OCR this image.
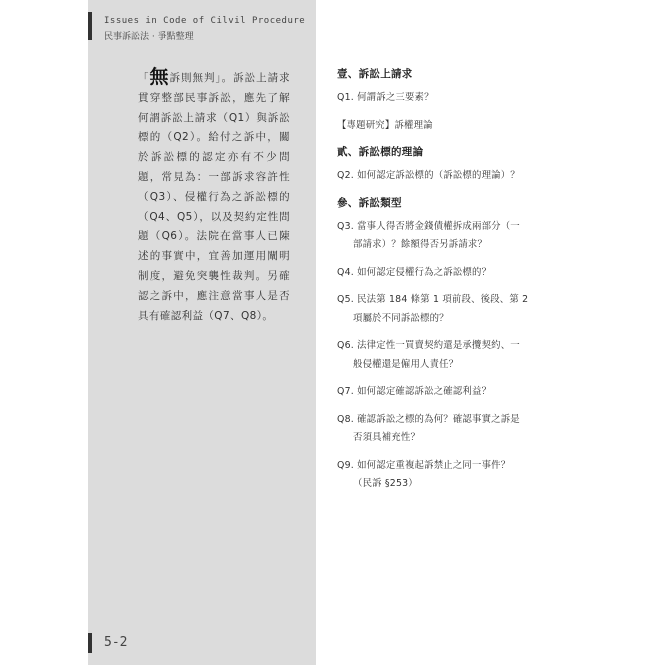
Issues in Code of Cilvil Procedure
民事訴訟法 ‧ 爭點整理
「無訴則無判」。訴訟上請求貫穿整部民事訴訟，應先了解何謂訴訟上請求（Q1）與訴訟標的（Q2）。給付之訴中，關於訴訟標的認定亦有不少問題，常見為：一部訴求容許性（Q3）、侵權行為之訴訟標的（Q4、Q5），以及契約定性問題（Q6）。法院在當事人已陳述的事實中，宜善加運用闡明制度，避免突襲性裁判。另確認之訴中，應注意當事人是否具有確認利益（Q7、Q8）。
壹、訴訟上請求
Q1. 何謂訴之三要素？
【專題研究】訴權理論
貳、訴訟標的理論
Q2. 如何認定訴訟標的（訴訟標的理論）？
參、訴訟類型
Q3. 當事人得否將金錢債權拆成兩部分（一
部請求）？餘額得否另訴請求？
Q4. 如何認定侵權行為之訴訟標的？
Q5. 民法第 184 條第 1 項前段、後段、第 2
項屬於不同訴訟標的？
Q6. 法律定性一買賣契約還是承攬契約、一
般侵權還是僱用人責任？
Q7. 如何認定確認訴訟之確認利益？
Q8. 確認訴訟之標的為何？確認事實之訴是
否須具補充性？
Q9. 如何認定重複起訴禁止之同一事件？
（民訴 §253）
5-2
